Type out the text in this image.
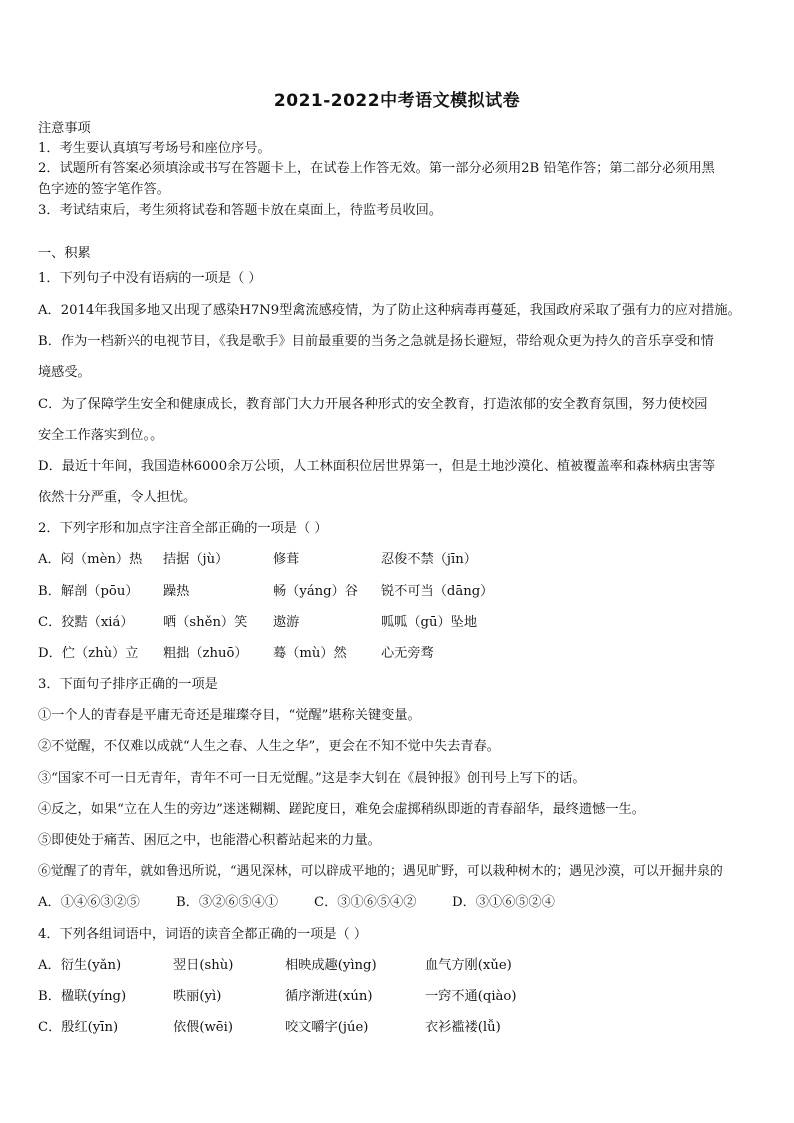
2021-2022中考语文模拟试卷
注意事项
1．考生要认真填写考场号和座位序号。
2．试题所有答案必须填涂或书写在答题卡上，在试卷上作答无效。第一部分必须用2B 铅笔作答；第二部分必须用黑
色字迹的签字笔作答。
3．考试结束后，考生须将试卷和答题卡放在桌面上，待监考员收回。
一、积累
1．下列句子中没有语病的一项是（ ）
A．2014年我国多地又出现了感染H7N9型禽流感疫情，为了防止这种病毒再蔓延，我国政府采取了强有力的应对措施。
B．作为一档新兴的电视节目，《我是歌手》目前最重要的当务之急就是扬长避短，带给观众更为持久的音乐享受和情
境感受。
C．为了保障学生安全和健康成长，教育部门大力开展各种形式的安全教育，打造浓郁的安全教育氛围，努力使校园
安全工作落实到位。。
D．最近十年间，我国造林6000余万公顷，人工林面积位居世界第一，但是土地沙漠化、植被覆盖率和森林病虫害等
依然十分严重，令人担忧。
2．下列字形和加点字注音全部正确的一项是（ ）
A．闷（mèn）热 拮据（jù）	修葺	忍俊不禁（jīn）
B．解剖（pōu） 躁热	畅（yáng）谷 锐不可当（dāng）
C．狡黠（xiá） 哂（shěn）笑 遨游	呱呱（gū）坠地
D．伫（zhù）立 粗拙（zhuō） 蓦（mù）然	心无旁骛
3．下面句子排序正确的一项是
①一个人的青春是平庸无奇还是璀璨夺目，“觉醒”堪称关键变量。
②不觉醒，不仅难以成就“人生之春、人生之华”，更会在不知不觉中失去青春。
③“国家不可一日无青年，青年不可一日无觉醒。”这是李大钊在《晨钟报》创刊号上写下的话。
④反之，如果“立在人生的旁边”迷迷糊糊、蹉跎度日，难免会虚掷稍纵即逝的青春韶华，最终遗憾一生。
⑤即使处于痛苦、困厄之中，也能潜心积蓄站起来的力量。
⑥觉醒了的青年，就如鲁迅所说，“遇见深林，可以辟成平地的；遇见旷野，可以栽种树木的；遇见沙漠，可以开掘井泉的
A．①④⑥③②⑤	B．③②⑥⑤④①	C．③①⑥⑤④②	D．③①⑥⑤②④
4．下列各组词语中，词语的读音全都正确的一项是（ ）
A．衍生(yǎn)	翌日(shù)	相映成趣(yìng)	血气方刚(xǔe)
B．楹联(yíng)	昳丽(yì)	循序渐进(xún)	一窍不通(qiào)
C．殷红(yīn)	依偎(wēi)	咬文嚼字(júe)	衣衫褴褛(lǚ)
